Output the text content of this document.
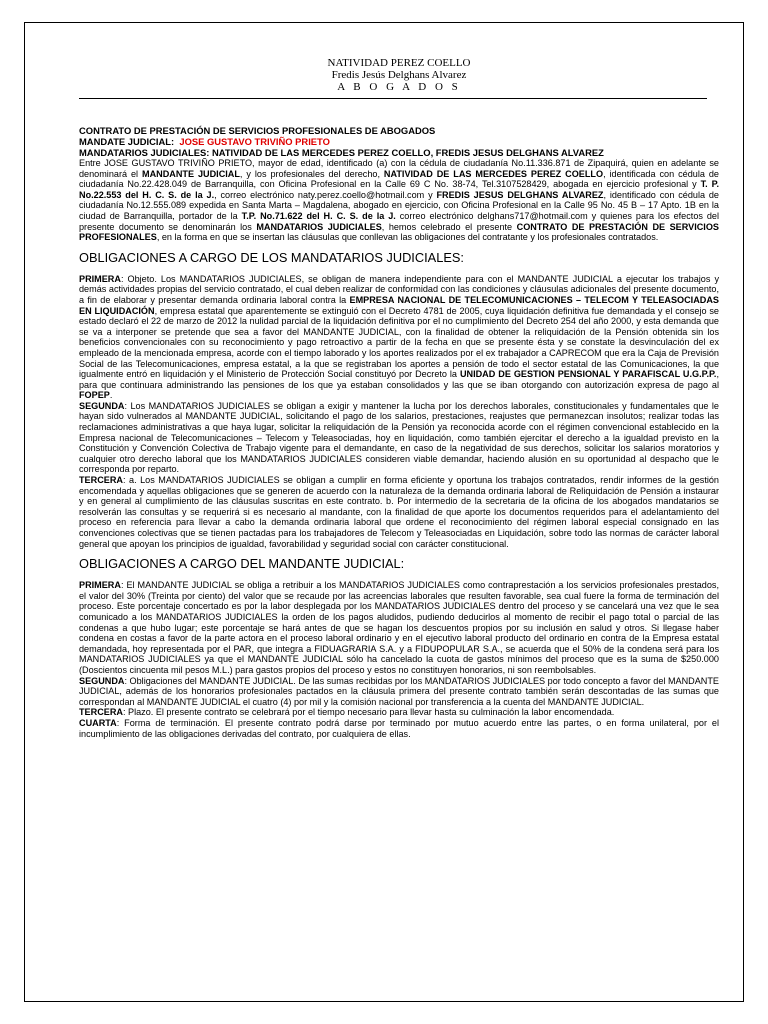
NATIVIDAD PEREZ COELLO
Fredis Jesús Delghans Alvarez
A B O G A D O S
CONTRATO DE PRESTACIÓN DE SERVICIOS PROFESIONALES DE ABOGADOS
MANDATE JUDICIAL: JOSE GUSTAVO TRIVIÑO PRIETO
MANDATARIOS JUDICIALES: NATIVIDAD DE LAS MERCEDES PEREZ COELLO, FREDIS JESUS DELGHANS ALVAREZ

Entre JOSE GUSTAVO TRIVIÑO PRIETO, mayor de edad, identificado (a) con la cédula de ciudadanía No.11.336.871 de Zipaquirá, quien en adelante se denominará el MANDANTE JUDICIAL, y los profesionales del derecho, NATIVIDAD DE LAS MERCEDES PEREZ COELLO, identificada con cédula de ciudadanía No.22.428.049 de Barranquilla, con Oficina Profesional en la Calle 69 C No. 38-74, Tel.3107528429, abogada en ejercicio profesional y T. P. No.22.553 del H. C. S. de la J., correo electrónico naty.perez.coello@hotmail.com y FREDIS JESUS DELGHANS ALVAREZ, identificado con cédula de ciudadanía No.12.555.089 expedida en Santa Marta – Magdalena, abogado en ejercicio, con Oficina Profesional en la Calle 95 No. 45 B – 17 Apto. 1B en la ciudad de Barranquilla, portador de la T.P. No.71.622 del H. C. S. de la J. correo electrónico delghans717@hotmail.com y quienes para los efectos del presente documento se denominarán los MANDATARIOS JUDICIALES, hemos celebrado el presente CONTRATO DE PRESTACIÓN DE SERVICIOS PROFESIONALES, en la forma en que se insertan las cláusulas que conllevan las obligaciones del contratante y los profesionales contratados.

OBLIGACIONES A CARGO DE LOS MANDATARIOS JUDICIALES:

PRIMERA: Objeto. Los MANDATARIOS JUDICIALES, se obligan de manera independiente para con el MANDANTE JUDICIAL a ejecutar los trabajos y demás actividades propias del servicio contratado, el cual deben realizar de conformidad con las condiciones y cláusulas adicionales del presente documento, a fin de elaborar y presentar demanda ordinaria laboral contra la EMPRESA NACIONAL DE TELECOMUNICACIONES – TELECOM Y TELEASOCIADAS EN LIQUIDACIÓN, empresa estatal que aparentemente se extinguió con el Decreto 4781 de 2005, cuya liquidación definitiva fue demandada y el consejo se estado declaró el 22 de marzo de 2012 la nulidad parcial de la liquidación definitiva por el no cumplimiento del Decreto 254 del año 2000, y esta demanda que se va a interponer se pretende que sea a favor del MANDANTE JUDICIAL, con la finalidad de obtener la reliquidación de la Pensión obtenida sin los beneficios convencionales con su reconocimiento y pago retroactivo a partir de la fecha en que se presente ésta y se constate la desvinculación del ex empleado de la mencionada empresa, acorde con el tiempo laborado y los aportes realizados por el ex trabajador a CAPRECOM que era la Caja de Previsión Social de las Telecomunicaciones, empresa estatal, a la que se registraban los aportes a pensión de todo el sector estatal de las Comunicaciones, la que igualmente entró en liquidación y el Ministerio de Protección Social constituyó por Decreto la UNIDAD DE GESTION PENSIONAL Y PARAFISCAL U.G.P.P., para que continuara administrando las pensiones de los que ya estaban consolidados y las que se iban otorgando con autorización expresa de pago al FOPEP.

SEGUNDA: Los MANDATARIOS JUDICIALES se obligan a exigir y mantener la lucha por los derechos laborales, constitucionales y fundamentales que le hayan sido vulnerados al MANDANTE JUDICIAL, solicitando el pago de los salarios, prestaciones, reajustes que permanezcan insolutos; realizar todas las reclamaciones administrativas a que haya lugar, solicitar la reliquidación de la Pensión ya reconocida acorde con el régimen convencional establecido en la Empresa nacional de Telecomunicaciones – Telecom y Teleasociadas, hoy en liquidación, como también ejercitar el derecho a la igualdad previsto en la Constitución y Convención Colectiva de Trabajo vigente para el demandante, en caso de la negatividad de sus derechos, solicitar los salarios moratorios y cualquier otro derecho laboral que los MANDATARIOS JUDICIALES consideren viable demandar, haciendo alusión en su oportunidad al despacho que le corresponda por reparto.

TERCERA: a. Los MANDATARIOS JUDICIALES se obligan a cumplir en forma eficiente y oportuna los trabajos contratados, rendir informes de la gestión encomendada y aquellas obligaciones que se generen de acuerdo con la naturaleza de la demanda ordinaria laboral de Reliquidación de Pensión a instaurar y en general al cumplimiento de las cláusulas suscritas en este contrato. b. Por intermedio de la secretaria de la oficina de los abogados mandatarios se resolverán las consultas y se requerirá si es necesario al mandante, con la finalidad de que aporte los documentos requeridos para el adelantamiento del proceso en referencia para llevar a cabo la demanda ordinaria laboral que ordene el reconocimiento del régimen laboral especial consignado en las convenciones colectivas que se tienen pactadas para los trabajadores de Telecom y Teleasociadas en Liquidación, sobre todo las normas de carácter laboral general que apoyan los principios de igualdad, favorabilidad y seguridad social con carácter constitucional.

OBLIGACIONES A CARGO DEL MANDANTE JUDICIAL:

PRIMERA: El MANDANTE JUDICIAL se obliga a retribuir a los MANDATARIOS JUDICIALES como contraprestación a los servicios profesionales prestados, el valor del 30% (Treinta por ciento) del valor que se recaude por las acreencias laborales que resulten favorable, sea cual fuere la forma de terminación del proceso. Este porcentaje concertado es por la labor desplegada por los MANDATARIOS JUDICIALES dentro del proceso y se cancelará una vez que le sea comunicado a los MANDATARIOS JUDICIALES la orden de los pagos aludidos, pudiendo deducirlos al momento de recibir el pago total o parcial de las condenas a que hubo lugar; este porcentaje se hará antes de que se hagan los descuentos propios por su inclusión en salud y otros. Si llegase haber condena en costas a favor de la parte actora en el proceso laboral ordinario y en el ejecutivo laboral producto del ordinario en contra de la Empresa estatal demandada, hoy representada por el PAR, que integra a FIDUAGRARIA S.A. y a FIDUPOPULAR S.A., se acuerda que el 50% de la condena será para los MANDATARIOS JUDICIALES ya que el MANDANTE JUDICIAL sólo ha cancelado la cuota de gastos mínimos del proceso que es la suma de $250.000 (Doscientos cincuenta mil pesos M.L.) para gastos propios del proceso y estos no constituyen honorarios, ni son reembolsables.

SEGUNDA: Obligaciones del MANDANTE JUDICIAL. De las sumas recibidas por los MANDATARIOS JUDICIALES por todo concepto a favor del MANDANTE JUDICIAL, además de los honorarios profesionales pactados en la cláusula primera del presente contrato también serán descontadas de las sumas que correspondan al MANDANTE JUDICIAL el cuatro (4) por mil y la comisión nacional por transferencia a la cuenta del MANDANTE JUDICIAL.

TERCERA: Plazo. El presente contrato se celebrará por el tiempo necesario para llevar hasta su culminación la labor encomendada.

CUARTA: Forma de terminación. El presente contrato podrá darse por terminado por mutuo acuerdo entre las partes, o en forma unilateral, por el incumplimiento de las obligaciones derivadas del contrato, por cualquiera de ellas.
